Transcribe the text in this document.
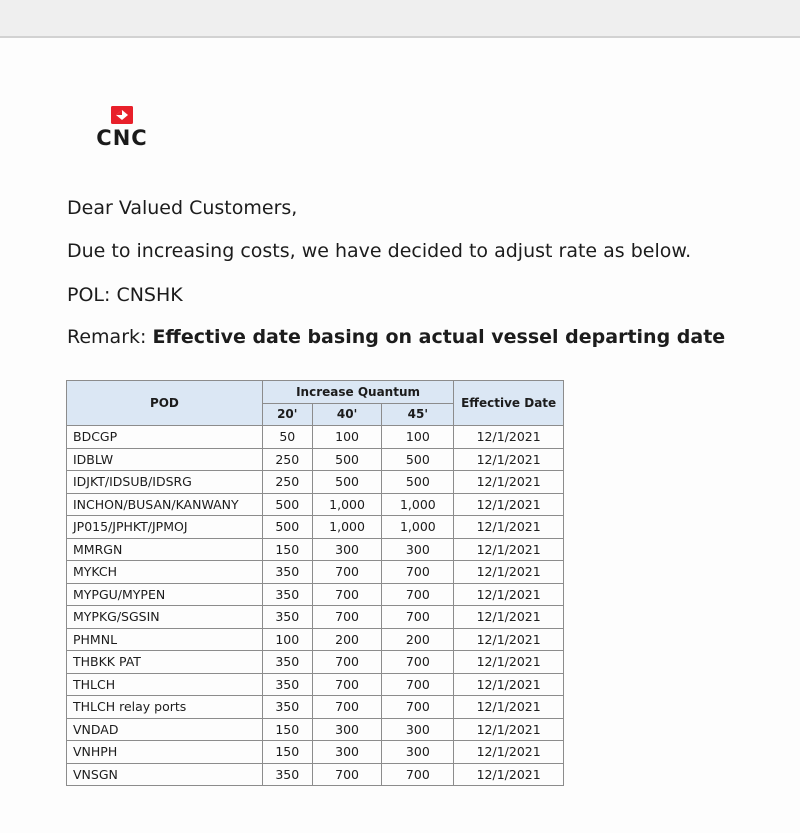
CNC
Dear Valued Customers,
Due to increasing costs, we have decided to adjust rate as below.
POL: CNSHK
Remark: Effective date basing on actual vessel departing date
POD	Increase Quantum			Effective Date
	20'	40'	45'	
BDCGP	50	100	100	12/1/2021
IDBLW	250	500	500	12/1/2021
IDJKT/IDSUB/IDSRG	250	500	500	12/1/2021
INCHON/BUSAN/KANWANY	500	1,000	1,000	12/1/2021
JP015/JPHKT/JPMOJ	500	1,000	1,000	12/1/2021
MMRGN	150	300	300	12/1/2021
MYKCH	350	700	700	12/1/2021
MYPGU/MYPEN	350	700	700	12/1/2021
MYPKG/SGSIN	350	700	700	12/1/2021
PHMNL	100	200	200	12/1/2021
THBKK PAT	350	700	700	12/1/2021
THLCH	350	700	700	12/1/2021
THLCH relay ports	350	700	700	12/1/2021
VNDAD	150	300	300	12/1/2021
VNHPH	150	300	300	12/1/2021
VNSGN	350	700	700	12/1/2021
